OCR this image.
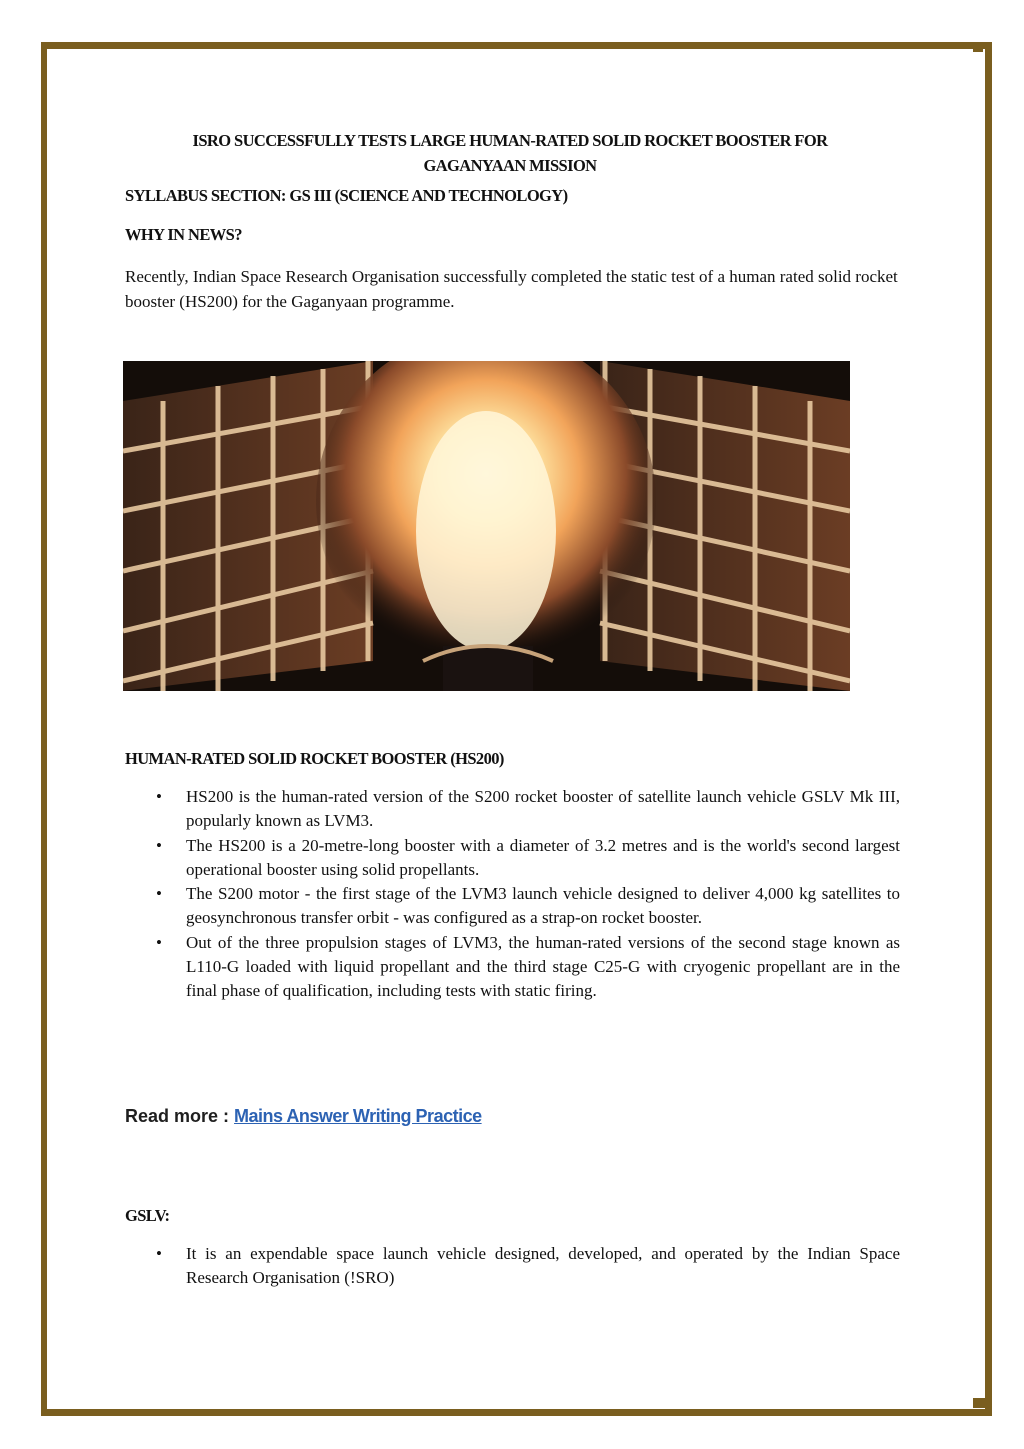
ISRO SUCCESSFULLY TESTS LARGE HUMAN-RATED SOLID ROCKET BOOSTER FOR
GAGANYAAN MISSION
SYLLABUS SECTION: GS III (SCIENCE AND TECHNOLOGY)
WHY IN NEWS?
Recently, Indian Space Research Organisation successfully completed the static test of a human rated solid rocket booster (HS200) for the Gaganyaan programme.
HUMAN-RATED SOLID ROCKET BOOSTER (HS200)
• HS200 is the human-rated version of the S200 rocket booster of satellite launch vehicle GSLV Mk III, popularly known as LVM3.
• The HS200 is a 20-metre-long booster with a diameter of 3.2 metres and is the world's second largest operational booster using solid propellants.
• The S200 motor - the first stage of the LVM3 launch vehicle designed to deliver 4,000 kg satellites to geosynchronous transfer orbit - was configured as a strap-on rocket booster.
• Out of the three propulsion stages of LVM3, the human-rated versions of the second stage known as L110-G loaded with liquid propellant and the third stage C25-G with cryogenic propellant are in the final phase of qualification, including tests with static firing.
Read more : Mains Answer Writing Practice
GSLV:
• It is an expendable space launch vehicle designed, developed, and operated by the Indian Space Research Organisation (!SRO)
